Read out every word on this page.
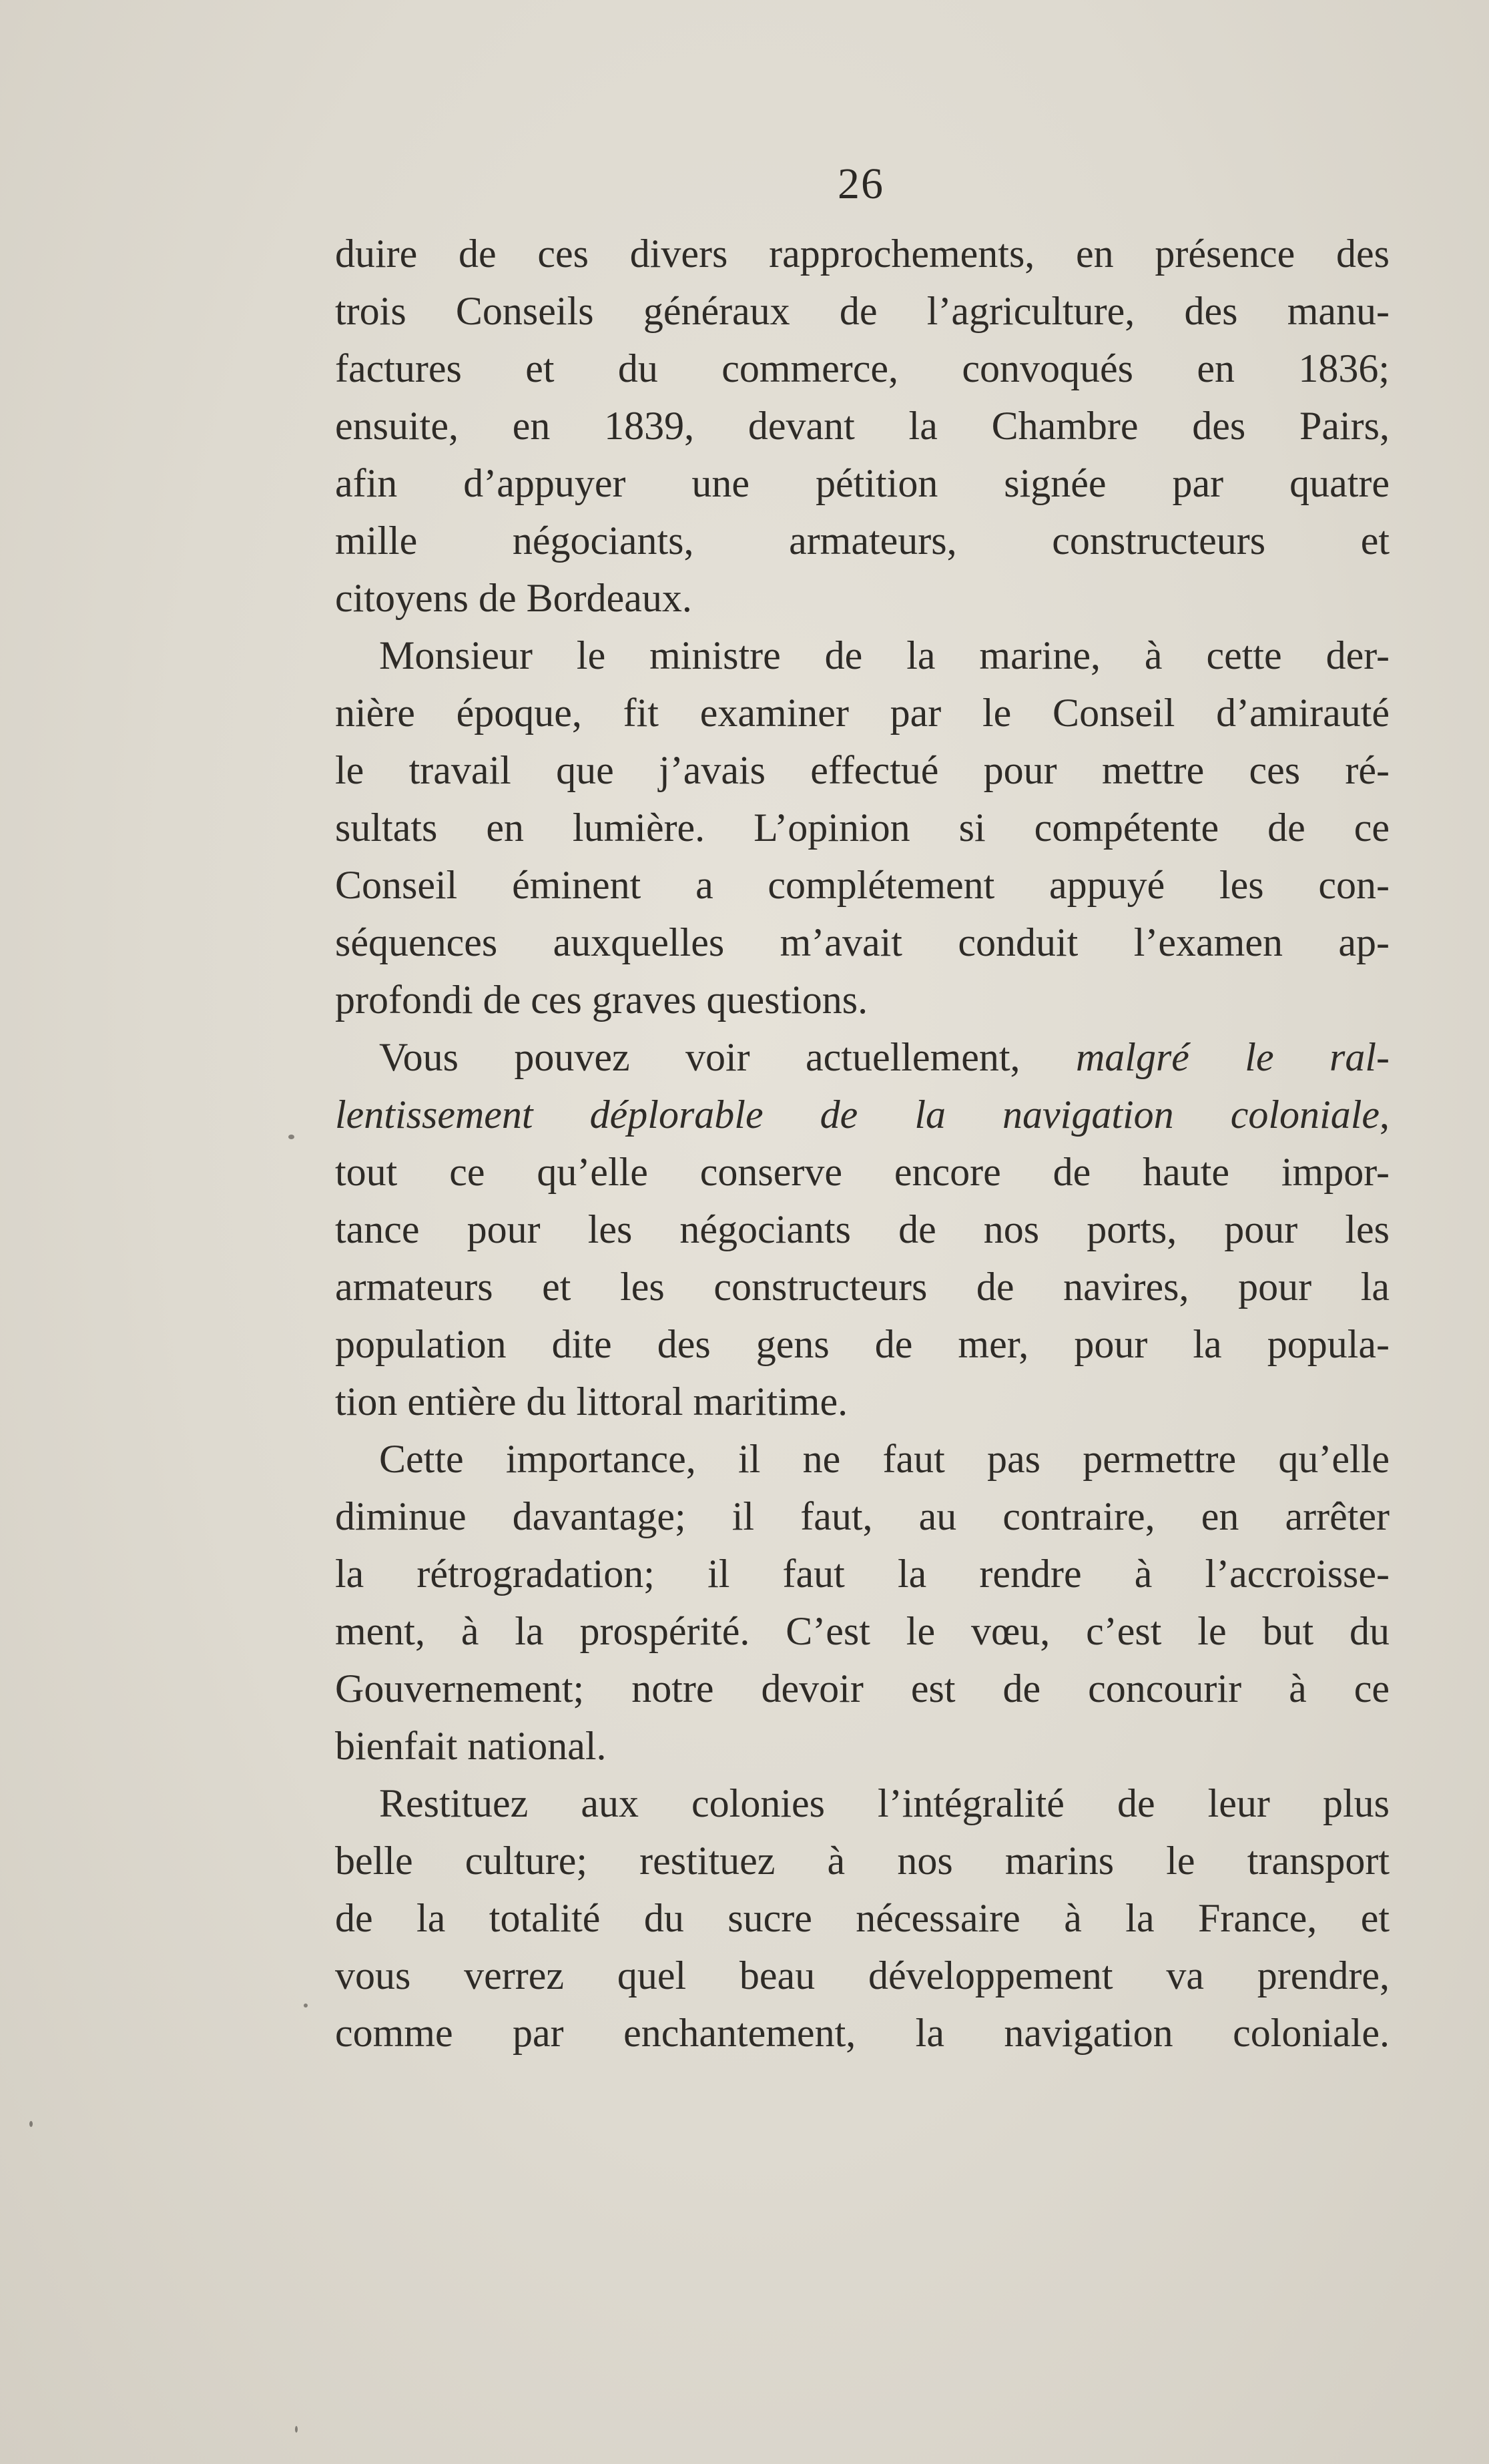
26
duire de ces divers rapprochements, en présence des
trois Conseils généraux de l’agriculture, des manu-
factures et du commerce, convoqués en 1836;
ensuite, en 1839, devant la Chambre des Pairs,
afin d’appuyer une pétition signée par quatre
mille négociants, armateurs, constructeurs et
citoyens de Bordeaux.
Monsieur le ministre de la marine, à cette der-
nière époque, fit examiner par le Conseil d’amirauté
le travail que j’avais effectué pour mettre ces ré-
sultats en lumière. L’opinion si compétente de ce
Conseil éminent a complétement appuyé les con-
séquences auxquelles m’avait conduit l’examen ap-
profondi de ces graves questions.
Vous pouvez voir actuellement, malgré le ral-
lentissement déplorable de la navigation coloniale,
tout ce qu’elle conserve encore de haute impor-
tance pour les négociants de nos ports, pour les
armateurs et les constructeurs de navires, pour la
population dite des gens de mer, pour la popula-
tion entière du littoral maritime.
Cette importance, il ne faut pas permettre qu’elle
diminue davantage; il faut, au contraire, en arrêter
la rétrogradation; il faut la rendre à l’accroisse-
ment, à la prospérité. C’est le vœu, c’est le but du
Gouvernement; notre devoir est de concourir à ce
bienfait national.
Restituez aux colonies l’intégralité de leur plus
belle culture; restituez à nos marins le transport
de la totalité du sucre nécessaire à la France, et
vous verrez quel beau développement va prendre,
comme par enchantement, la navigation coloniale.
